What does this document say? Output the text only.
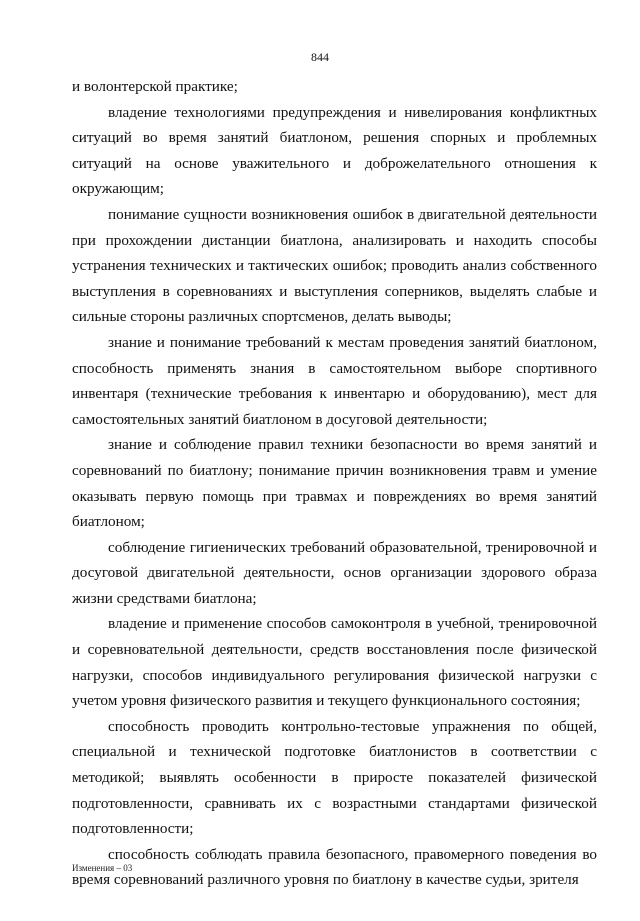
844

и волонтерской практике;

владение технологиями предупреждения и нивелирования конфликтных ситуаций во время занятий биатлоном, решения спорных и проблемных ситуаций на основе уважительного и доброжелательного отношения к окружающим;

понимание сущности возникновения ошибок в двигательной деятельности при прохождении дистанции биатлона, анализировать и находить способы устранения технических и тактических ошибок; проводить анализ собственного выступления в соревнованиях и выступления соперников, выделять слабые и сильные стороны различных спортсменов, делать выводы;

знание и понимание требований к местам проведения занятий биатлоном, способность применять знания в самостоятельном выборе спортивного инвентаря (технические требования к инвентарю и оборудованию), мест для самостоятельных занятий биатлоном в досуговой деятельности;

знание и соблюдение правил техники безопасности во время занятий и соревнований по биатлону; понимание причин возникновения травм и умение оказывать первую помощь при травмах и повреждениях во время занятий биатлоном;

соблюдение гигиенических требований образовательной, тренировочной и досуговой двигательной деятельности, основ организации здорового образа жизни средствами биатлона;

владение и применение способов самоконтроля в учебной, тренировочной и соревновательной деятельности, средств восстановления после физической нагрузки, способов индивидуального регулирования физической нагрузки с учетом уровня физического развития и текущего функционального состояния;

способность проводить контрольно-тестовые упражнения по общей, специальной и технической подготовке биатлонистов в соответствии с методикой; выявлять особенности в приросте показателей физической подготовленности, сравнивать их с возрастными стандартами физической подготовленности;

способность соблюдать правила безопасного, правомерного поведения во время соревнований различного уровня по биатлону в качестве судьи, зрителя

Изменения – 03
